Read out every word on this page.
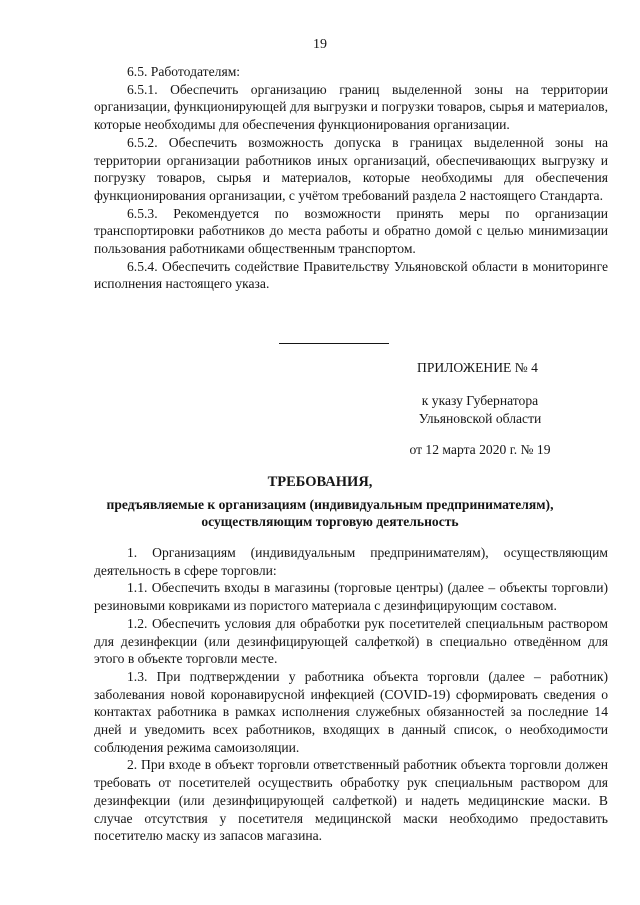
19

6.5. Работодателям:

6.5.1. Обеспечить организацию границ выделенной зоны на территории организации, функционирующей для выгрузки и погрузки товаров, сырья и материалов, которые необходимы для обеспечения функционирования организации.

6.5.2. Обеспечить возможность допуска в границах выделенной зоны на территории организации работников иных организаций, обеспечивающих выгрузку и погрузку товаров, сырья и материалов, которые необходимы для обеспечения функционирования организации, с учётом требований раздела 2 настоящего Стандарта.

6.5.3. Рекомендуется по возможности принять меры по организации транспортировки работников до места работы и обратно домой с целью минимизации пользования работниками общественным транспортом.

6.5.4. Обеспечить содействие Правительству Ульяновской области в мониторинге исполнения настоящего указа.

ПРИЛОЖЕНИЕ № 4
к указу Губернатора
Ульяновской области
от 12 марта 2020 г. № 19
ТРЕБОВАНИЯ,
предъявляемые к организациям (индивидуальным предпринимателям),
осуществляющим торговую деятельность

1. Организациям (индивидуальным предпринимателям), осуществляющим деятельность в сфере торговли:

1.1. Обеспечить входы в магазины (торговые центры) (далее – объекты торговли) резиновыми ковриками из пористого материала с дезинфицирующим составом.

1.2. Обеспечить условия для обработки рук посетителей специальным раствором для дезинфекции (или дезинфицирующей салфеткой) в специально отведённом для этого в объекте торговли месте.

1.3. При подтверждении у работника объекта торговли (далее – работник) заболевания новой коронавирусной инфекцией (COVID-19) сформировать сведения о контактах работника в рамках исполнения служебных обязанностей за последние 14 дней и уведомить всех работников, входящих в данный список, о необходимости соблюдения режима самоизоляции.

2. При входе в объект торговли ответственный работник объекта торговли должен требовать от посетителей осуществить обработку рук специальным раствором для дезинфекции (или дезинфицирующей салфеткой) и надеть медицинские маски. В случае отсутствия у посетителя медицинской маски необходимо предоставить посетителю маску из запасов магазина.
